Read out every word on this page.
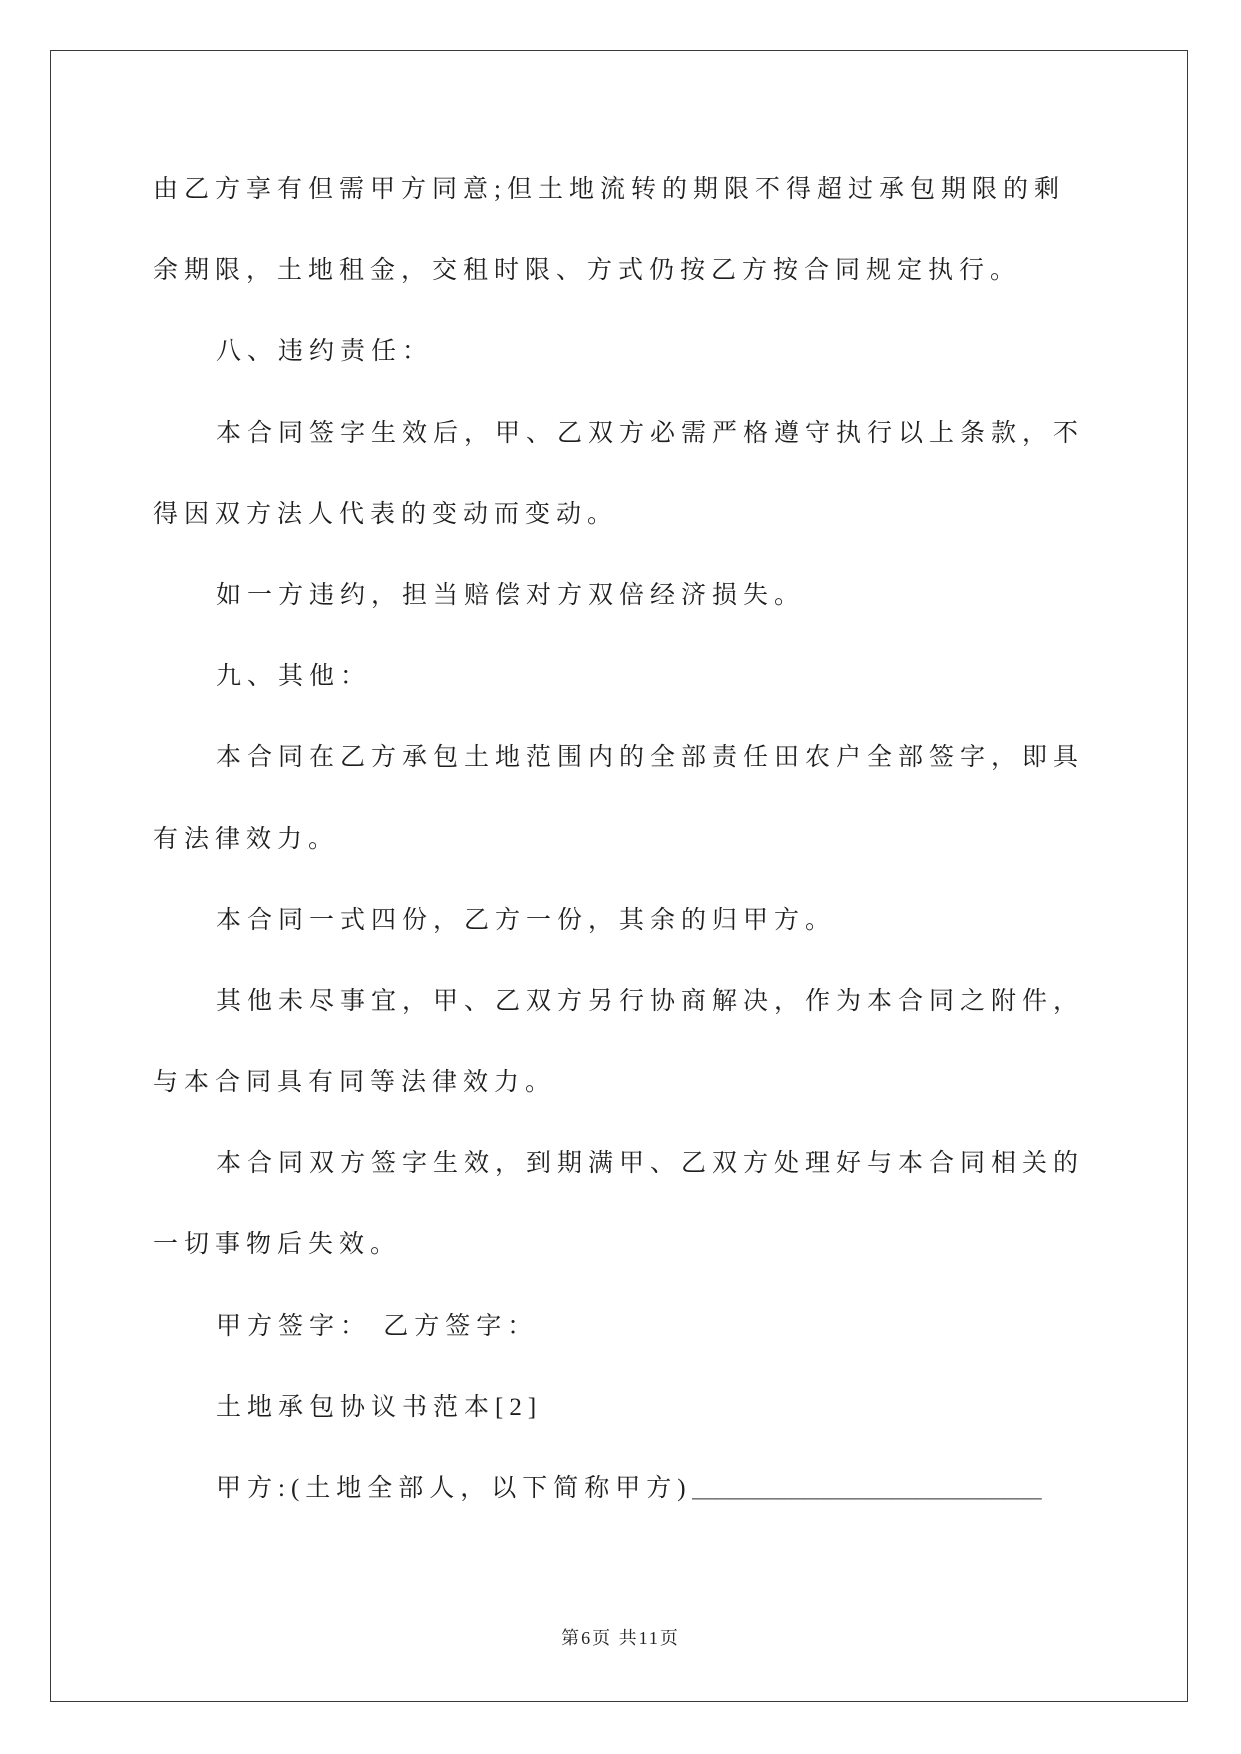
由乙方享有但需甲方同意;但土地流转的期限不得超过承包期限的剩
余期限，土地租金，交租时限、方式仍按乙方按合同规定执行。
八、违约责任：
本合同签字生效后，甲、乙双方必需严格遵守执行以上条款，不
得因双方法人代表的变动而变动。
如一方违约，担当赔偿对方双倍经济损失。
九、其他：
本合同在乙方承包土地范围内的全部责任田农户全部签字，即具
有法律效力。
本合同一式四份，乙方一份，其余的归甲方。
其他未尽事宜，甲、乙双方另行协商解决，作为本合同之附件，
与本合同具有同等法律效力。
本合同双方签字生效，到期满甲、乙双方处理好与本合同相关的
一切事物后失效。
甲方签字： 乙方签字：
土地承包协议书范本[2]
甲方:(土地全部人，以下简称甲方)____________________________
第6页 共11页
